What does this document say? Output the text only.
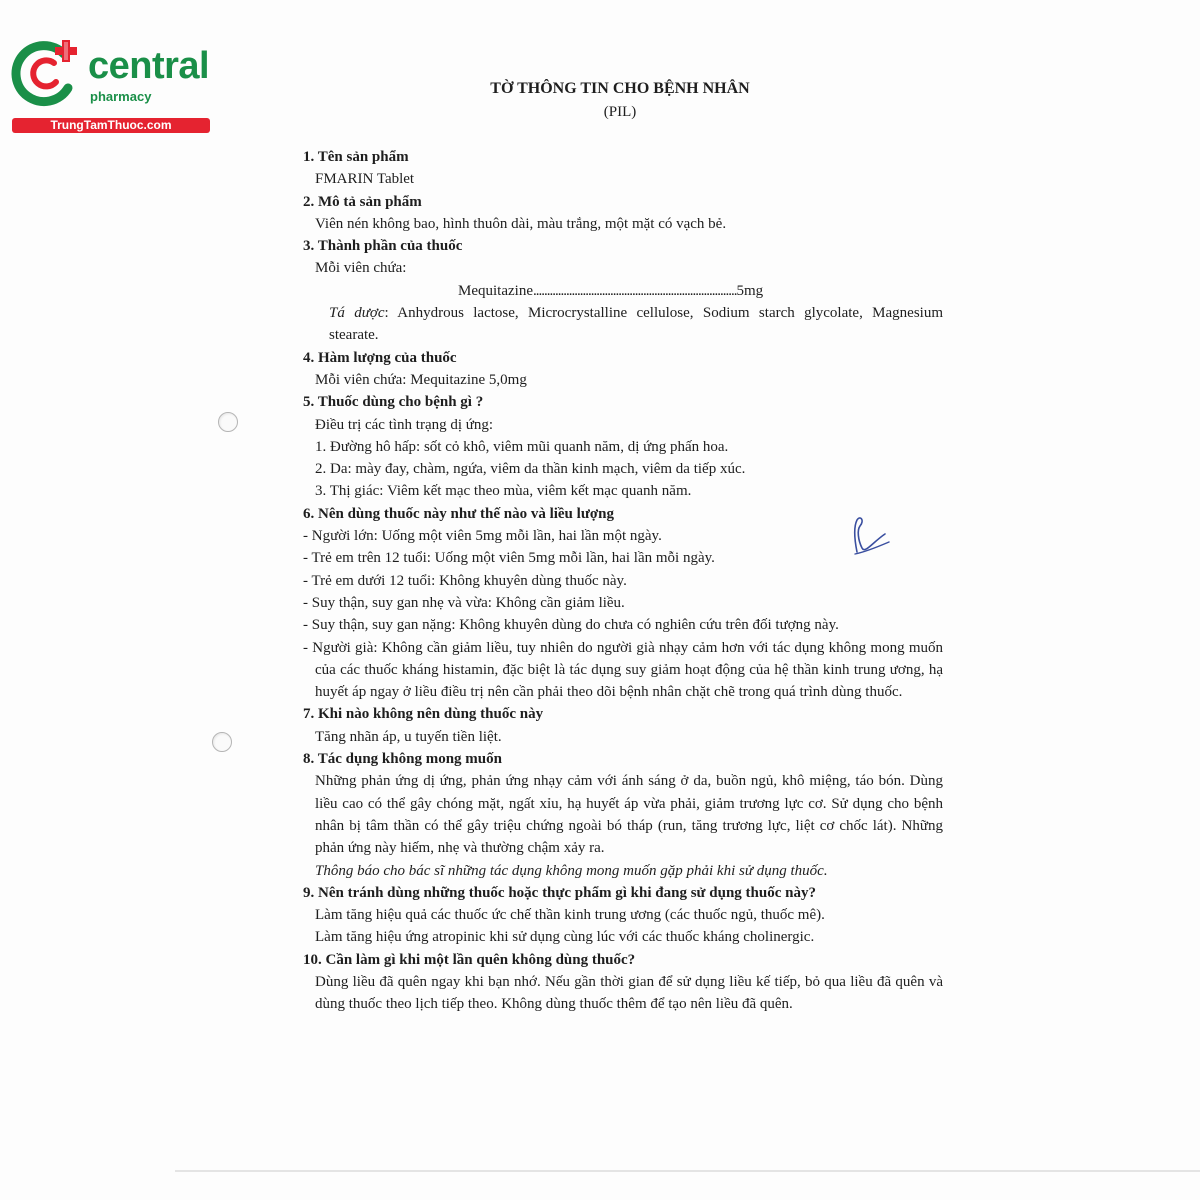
central
pharmacy
TrungTamThuoc.com
TỜ THÔNG TIN CHO BỆNH NHÂN
(PIL)
1. Tên sản phẩm
FMARIN Tablet
2. Mô tả sản phẩm
Viên nén không bao, hình thuôn dài, màu trắng, một mặt có vạch bẻ.
3. Thành phần của thuốc
Mỗi viên chứa:
Mequitazine..........................................................................5mg
Tá dược: Anhydrous lactose, Microcrystalline cellulose, Sodium starch glycolate, Magnesium stearate.
4. Hàm lượng của thuốc
Mỗi viên chứa: Mequitazine 5,0mg
5. Thuốc dùng cho bệnh gì ?
Điều trị các tình trạng dị ứng:
1. Đường hô hấp: sốt cỏ khô, viêm mũi quanh năm, dị ứng phấn hoa.
2. Da: mày đay, chàm, ngứa, viêm da thần kinh mạch, viêm da tiếp xúc.
3. Thị giác: Viêm kết mạc theo mùa, viêm kết mạc quanh năm.
6. Nên dùng thuốc này như thế nào và liều lượng
- Người lớn: Uống một viên 5mg mỗi lần, hai lần một ngày.
- Trẻ em trên 12 tuổi: Uống một viên 5mg mỗi lần, hai lần mỗi ngày.
- Trẻ em dưới 12 tuổi: Không khuyên dùng thuốc này.
- Suy thận, suy gan nhẹ và vừa: Không cần giảm liều.
- Suy thận, suy gan nặng: Không khuyên dùng do chưa có nghiên cứu trên đối tượng này.
- Người già: Không cần giảm liều, tuy nhiên do người già nhạy cảm hơn với tác dụng không mong muốn của các thuốc kháng histamin, đặc biệt là tác dụng suy giảm hoạt động của hệ thần kinh trung ương, hạ huyết áp ngay ở liều điều trị nên cần phải theo dõi bệnh nhân chặt chẽ trong quá trình dùng thuốc.
7. Khi nào không nên dùng thuốc này
Tăng nhãn áp, u tuyến tiền liệt.
8. Tác dụng không mong muốn
Những phản ứng dị ứng, phản ứng nhạy cảm với ánh sáng ở da, buồn ngủ, khô miệng, táo bón. Dùng liều cao có thể gây chóng mặt, ngất xỉu, hạ huyết áp vừa phải, giảm trương lực cơ. Sử dụng cho bệnh nhân bị tâm thần có thể gây triệu chứng ngoài bó tháp (run, tăng trương lực, liệt cơ chốc lát). Những phản ứng này hiếm, nhẹ và thường chậm xảy ra.
Thông báo cho bác sĩ những tác dụng không mong muốn gặp phải khi sử dụng thuốc.
9. Nên tránh dùng những thuốc hoặc thực phẩm gì khi đang sử dụng thuốc này?
Làm tăng hiệu quả các thuốc ức chế thần kinh trung ương (các thuốc ngủ, thuốc mê).
Làm tăng hiệu ứng atropinic khi sử dụng cùng lúc với các thuốc kháng cholinergic.
10. Cần làm gì khi một lần quên không dùng thuốc?
Dùng liều đã quên ngay khi bạn nhớ. Nếu gần thời gian để sử dụng liều kế tiếp, bỏ qua liều đã quên và dùng thuốc theo lịch tiếp theo. Không dùng thuốc thêm để tạo nên liều đã quên.
